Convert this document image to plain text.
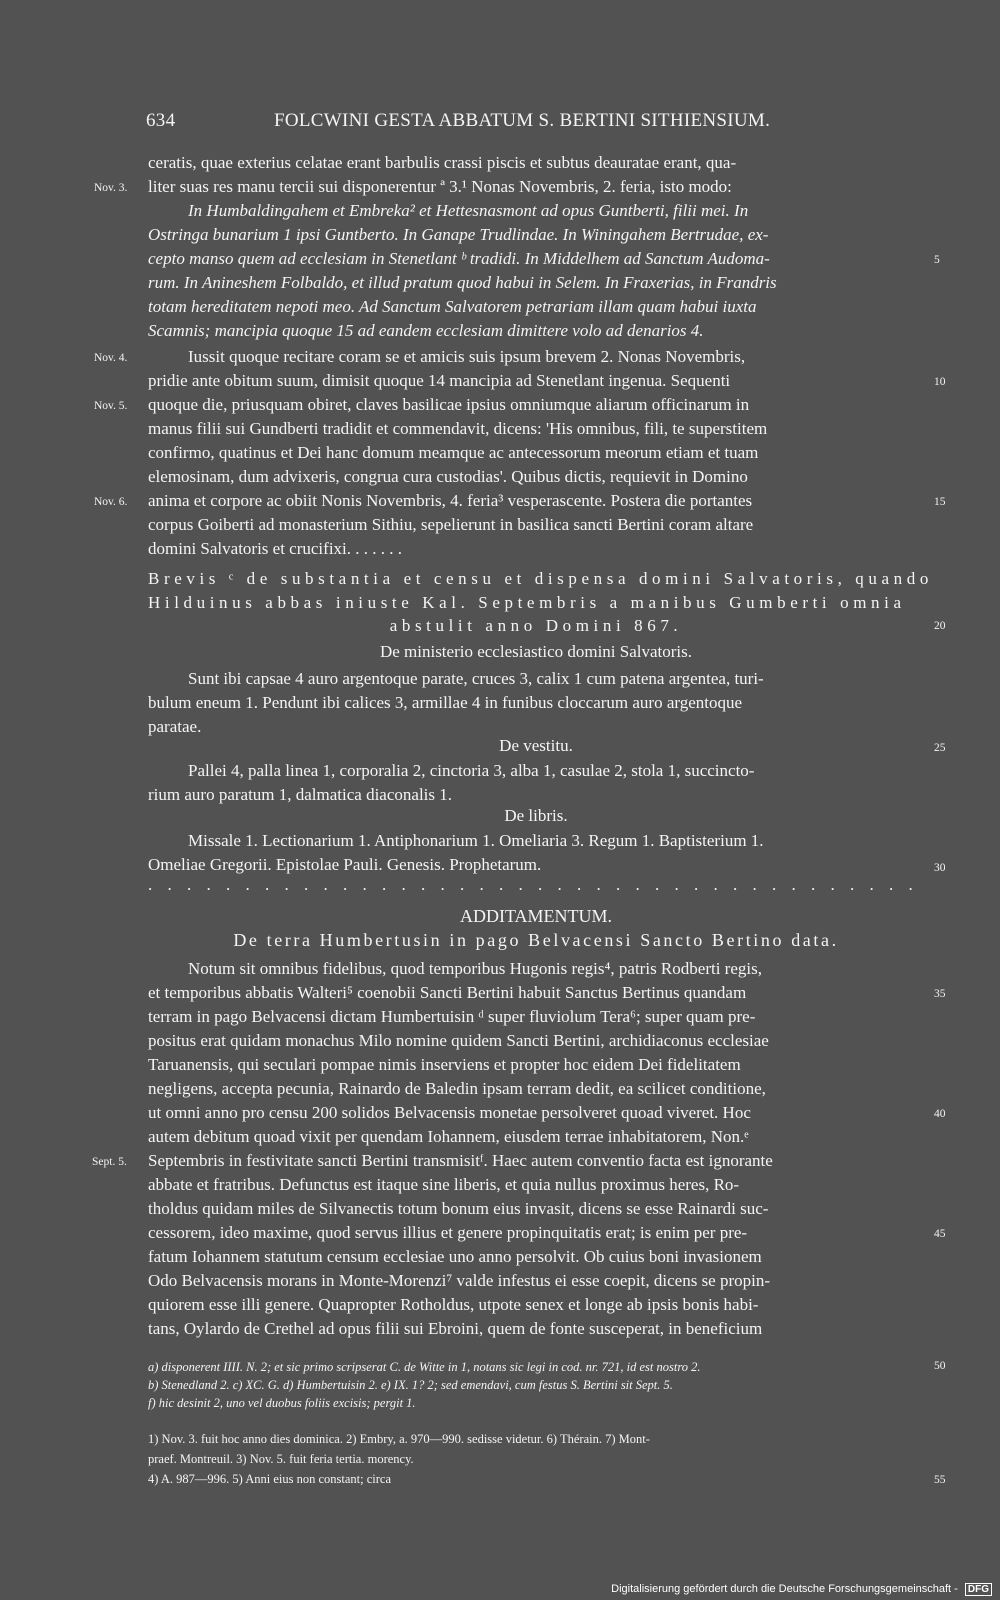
634	FOLCWINI GESTA ABBATUM S. BERTINI SITHIENSIUM.
ceratis, quae exterius celatae erant barbulis crassi piscis et subtus deauratae erant, qua-
liter suas res manu tercii sui disponerentur ª 3.¹ Nonas Novembris, 2. feria, isto modo:
In Humbaldingahem et Embreka² et Hettesnasmont ad opus Guntberti, filii mei. In
Ostringa bunarium 1 ipsi Guntberto. In Ganape Trudlindae. In Winingahem Bertrudae, ex-
cepto manso quem ad ecclesiam in Stenetlant ᵇ tradidi. In Middelhem ad Sanctum Audoma-
rum. In Anineshem Folbaldo, et illud pratum quod habui in Selem. In Fraxerias, in Frandris
totam hereditatem nepoti meo. Ad Sanctum Salvatorem petrariam illam quam habui iuxta
Scamnis; mancipia quoque 15 ad eandem ecclesiam dimittere volo ad denarios 4.
Iussit quoque recitare coram se et amicis suis ipsum brevem 2. Nonas Novembris,
pridie ante obitum suum, dimisit quoque 14 mancipia ad Stenetlant ingenua. Sequenti
quoque die, priusquam obiret, claves basilicae ipsius omniumque aliarum officinarum in
manus filii sui Gundberti tradidit et commendavit, dicens: 'His omnibus, fili, te superstitem
confirmo, quatinus et Dei hanc domum meamque ac antecessorum meorum etiam et tuam
elemosinam, dum advixeris, congrua cura custodias'. Quibus dictis, requievit in Domino
anima et corpore ac obiit Nonis Novembris, 4. feria³ vesperascente. Postera die portantes
corpus Goiberti ad monasterium Sithiu, sepelierunt in basilica sancti Bertini coram altare
domini Salvatoris et crucifixi. . . . . . .
Brevis ᶜ de substantia et censu et dispensa domini Salvatoris, quando
Hilduinus abbas iniuste Kal. Septembris a manibus Gumberti omnia
abstulit anno Domini 867.
De ministerio ecclesiastico domini Salvatoris.
Sunt ibi capsae 4 auro argentoque parate, cruces 3, calix 1 cum patena argentea, turi-
bulum eneum 1. Pendunt ibi calices 3, armillae 4 in funibus cloccarum auro argentoque
paratae.
De vestitu.
Pallei 4, palla linea 1, corporalia 2, cinctoria 3, alba 1, casulae 2, stola 1, succincto-
rium auro paratum 1, dalmatica diaconalis 1.
De libris.
Missale 1. Lectionarium 1. Antiphonarium 1. Omeliaria 3. Regum 1. Baptisterium 1.
Omeliae Gregorii. Epistolae Pauli. Genesis. Prophetarum.
. . . . . . . . . . . . . . . . . . . . . . . . . . . . . . . . . . . . . . . .
ADDITAMENTUM.
De terra Humbertusin in pago Belvacensi Sancto Bertino data.
Notum sit omnibus fidelibus, quod temporibus Hugonis regis⁴, patris Rodberti regis,
et temporibus abbatis Walteri⁵ coenobii Sancti Bertini habuit Sanctus Bertinus quandam
terram in pago Belvacensi dictam Humbertuisin ᵈ super fluviolum Tera⁶; super quam pre-
positus erat quidam monachus Milo nomine quidem Sancti Bertini, archidiaconus ecclesiae
Taruanensis, qui seculari pompae nimis inserviens et propter hoc eidem Dei fidelitatem
negligens, accepta pecunia, Rainardo de Baledin ipsam terram dedit, ea scilicet conditione,
ut omni anno pro censu 200 solidos Belvacensis monetae persolveret quoad viveret. Hoc
autem debitum quoad vixit per quendam Iohannem, eiusdem terrae inhabitatorem, Non.ᵉ
Septembris in festivitate sancti Bertini transmisitᶠ. Haec autem conventio facta est ignorante
abbate et fratribus. Defunctus est itaque sine liberis, et quia nullus proximus heres, Ro-
tholdus quidam miles de Silvanectis totum bonum eius invasit, dicens se esse Rainardi suc-
cessorem, ideo maxime, quod servus illius et genere propinquitatis erat; is enim per pre-
fatum Iohannem statutum censum ecclesiae uno anno persolvit. Ob cuius boni invasionem
Odo Belvacensis morans in Monte-Morenzi⁷ valde infestus ei esse coepit, dicens se propin-
quiorem esse illi genere. Quapropter Rotholdus, utpote senex et longe ab ipsis bonis habi-
tans, Oylardo de Crethel ad opus filii sui Ebroini, quem de fonte susceperat, in beneficium
Nov. 3.
Nov. 4.
Nov. 5.
Nov. 6.
Sept. 5.
5
10
15
20
25
30
35
40
45
50
55
a) disponerent IIII. N. 2; et sic primo scripserat C. de Witte in 1, notans sic legi in cod. nr. 721, id est nostro 2.
b) Stenedland 2. c) XC. G. d) Humbertuisin 2. e) IX. 1? 2; sed emendavi, cum festus S. Bertini sit Sept. 5.
f) hic desinit 2, uno vel duobus foliis excisis; pergit 1.
1) Nov. 3. fuit hoc anno dies dominica. 2) Embry, a. 970—990. sedisse videtur. 6) Thérain. 7) Mont-
praef. Montreuil. 3) Nov. 5. fuit feria tertia. morency.
4) A. 987—996. 5) Anni eius non constant; circa
Digitalisierung gefördert durch die Deutsche Forschungsgemeinschaft - DFG
